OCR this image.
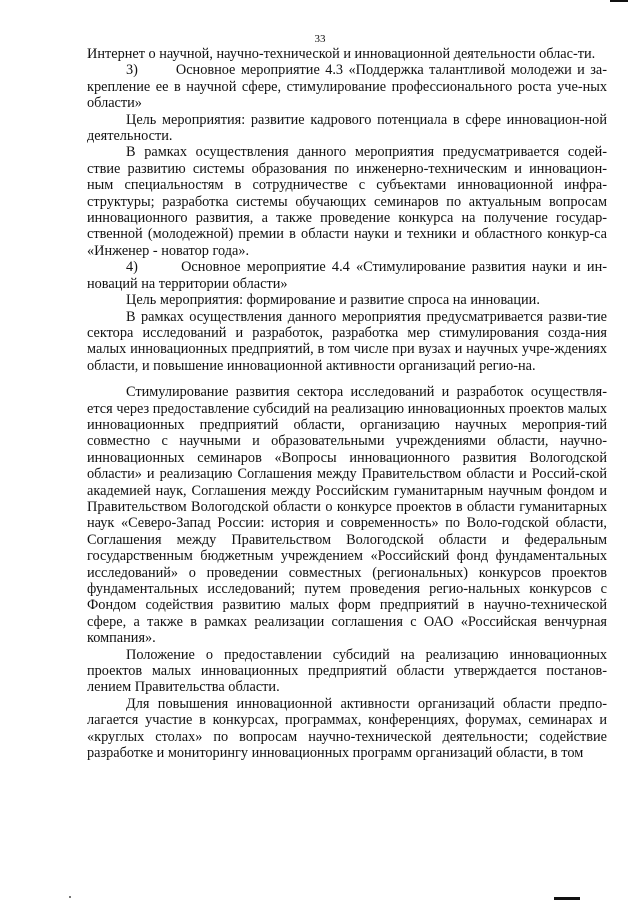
33

Интернет о научной, научно-технической и инновационной деятельности облас-ти.

3)       Основное мероприятие 4.3 «Поддержка талантливой молодежи и за-крепление ее в научной сфере, стимулирование профессионального роста уче-ных области»

Цель мероприятия: развитие кадрового потенциала в сфере инновацион-ной деятельности.

В рамках осуществления данного мероприятия предусматривается содей-ствие развитию системы образования по инженерно-техническим и инновацион-ным специальностям в сотрудничестве с субъектами инновационной инфра-структуры; разработка системы обучающих семинаров по актуальным вопросам инновационного развития, а также проведение конкурса на получение государ-ственной (молодежной) премии в области науки и техники и областного конкур-са «Инженер - новатор года».

4)       Основное мероприятие 4.4 «Стимулирование развития науки и ин-новаций на территории области»

Цель мероприятия: формирование и развитие спроса на инновации.

В рамках осуществления данного мероприятия предусматривается разви-тие сектора исследований и разработок, разработка мер стимулирования созда-ния малых инновационных предприятий, в том числе при вузах и научных учре-ждениях области, и повышение инновационной активности организаций регио-на.

Стимулирование развития сектора исследований и разработок осуществля-ется через предоставление субсидий на реализацию инновационных проектов малых инновационных предприятий области, организацию научных мероприя-тий совместно с научными и образовательными учреждениями области, научно-инновационных семинаров «Вопросы инновационного развития Вологодской области» и реализацию Соглашения между Правительством области и Россий-ской академией наук, Соглашения между Российским гуманитарным научным фондом и Правительством Вологодской области о конкурсе проектов в области гуманитарных наук «Северо-Запад России: история и современность» по Воло-годской области, Соглашения между Правительством Вологодской области и федеральным государственным бюджетным учреждением «Российский фонд фундаментальных исследований» о проведении совместных (региональных) конкурсов проектов фундаментальных исследований; путем проведения регио-нальных конкурсов с Фондом содействия развитию малых форм предприятий в научно-технической сфере, а также в рамках реализации соглашения с ОАО «Российская венчурная компания».

Положение о предоставлении субсидий на реализацию инновационных проектов малых инновационных предприятий области утверждается постанов-лением Правительства области.

Для повышения инновационной активности организаций области предпо-лагается участие в конкурсах, программах, конференциях, форумах, семинарах и «круглых столах» по вопросам научно-технической деятельности; содействие разработке и мониторингу инновационных программ организаций области, в том
